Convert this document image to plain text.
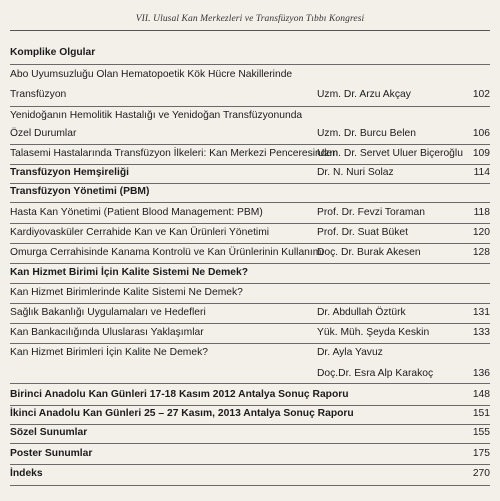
VII. Ulusal Kan Merkezleri ve Transfüzyon Tıbbı Kongresi
Komplike Olgular
Abo Uyumsuzluğu Olan Hematopoetik Kök Hücre Nakillerinde
Transfüzyon	Uzm. Dr. Arzu Akçay	102
Yenidoğanın Hemolitik Hastalığı ve Yenidoğan Transfüzyonunda
Özel Durumlar	Uzm. Dr. Burcu Belen	106
Talasemi Hastalarında Transfüzyon İlkeleri: Kan Merkezi Penceresinden
Uzm. Dr. Servet Uluer Biçeroğlu 109
Transfüzyon Hemşireliği	Dr. N. Nuri Solaz	114
Transfüzyon Yönetimi (PBM)
Hasta Kan Yönetimi (Patient Blood Management: PBM)	Prof. Dr. Fevzi Toraman	118
Kardiyovasküler Cerrahide Kan ve Kan Ürünleri Yönetimi	Prof. Dr. Suat Büket	120
Omurga Cerrahisinde Kanama Kontrolü ve Kan Ürünlerinin Kullanımı
Doç. Dr. Burak Akesen	128
Kan Hizmet Birimi İçin Kalite Sistemi Ne Demek?
Kan Hizmet Birimlerinde Kalite Sistemi Ne Demek?
Sağlık Bakanlığı Uygulamaları ve Hedefleri	Dr. Abdullah Öztürk	131
Kan Bankacılığında Uluslarası Yaklaşımlar	Yük. Müh. Şeyda Keskin	133
Kan Hizmet Birimleri İçin Kalite Ne Demek?	Dr. Ayla Yavuz
Doç.Dr. Esra Alp Karakoç	136
Birinci Anadolu Kan Günleri 17-18 Kasım 2012 Antalya Sonuç Raporu	148
İkinci Anadolu Kan Günleri 25 – 27 Kasım, 2013 Antalya Sonuç Raporu	151
Sözel Sunumlar	155
Poster Sunumlar	175
İndeks	270
